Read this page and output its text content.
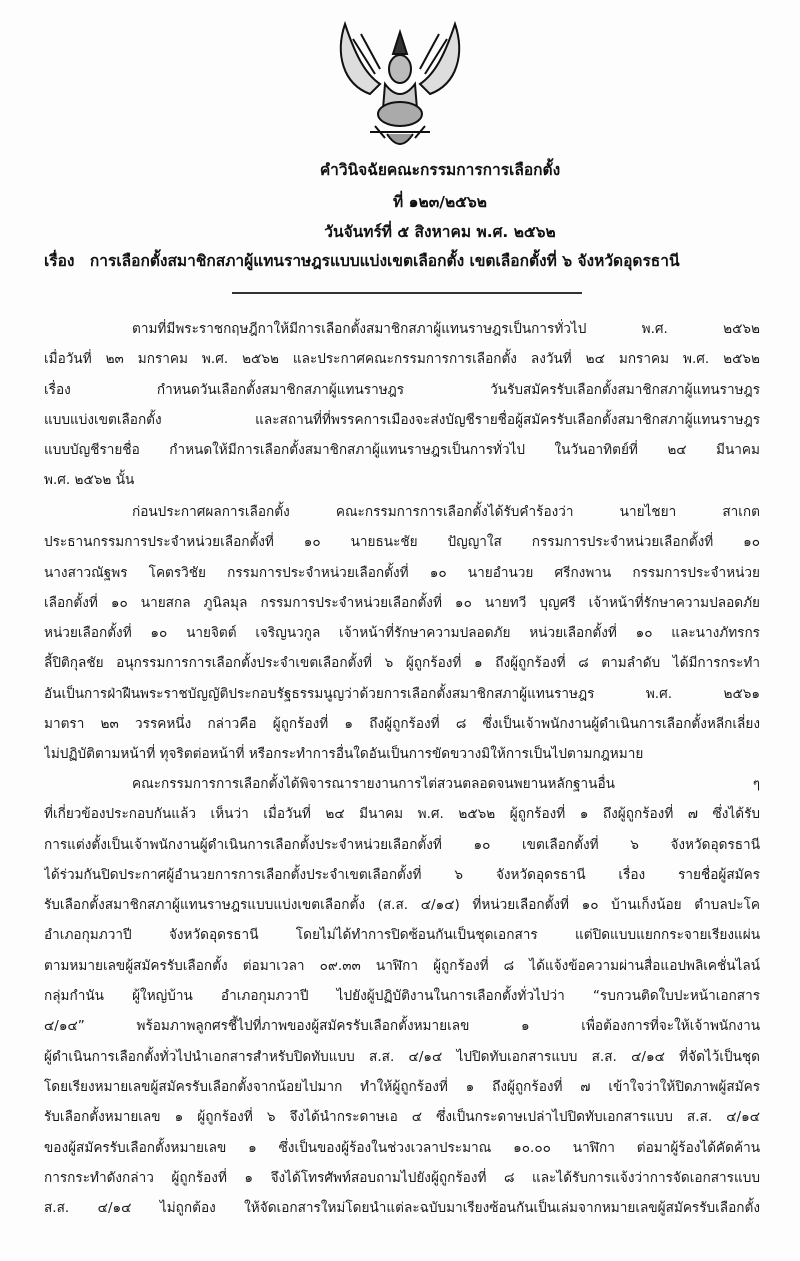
คำวินิจฉัยคณะกรรมการการเลือกตั้ง
ที่ ๑๒๓/๒๕๖๒
วันจันทร์ที่ ๕ สิงหาคม พ.ศ. ๒๕๖๒
เรื่อง การเลือกตั้งสมาชิกสภาผู้แทนราษฎรแบบแบ่งเขตเลือกตั้ง เขตเลือกตั้งที่ ๖ จังหวัดอุดรธานี
ตามที่มีพระราชกฤษฎีกาให้มีการเลือกตั้งสมาชิกสภาผู้แทนราษฎรเป็นการทั่วไป พ.ศ. ๒๕๖๒
เมื่อวันที่ ๒๓ มกราคม พ.ศ. ๒๕๖๒ และประกาศคณะกรรมการการเลือกตั้ง ลงวันที่ ๒๔ มกราคม พ.ศ. ๒๕๖๒
เรื่อง กำหนดวันเลือกตั้งสมาชิกสภาผู้แทนราษฎร วันรับสมัครรับเลือกตั้งสมาชิกสภาผู้แทนราษฎร
แบบแบ่งเขตเลือกตั้ง และสถานที่ที่พรรคการเมืองจะส่งบัญชีรายชื่อผู้สมัครรับเลือกตั้งสมาชิกสภาผู้แทนราษฎร
แบบบัญชีรายชื่อ กำหนดให้มีการเลือกตั้งสมาชิกสภาผู้แทนราษฎรเป็นการทั่วไป ในวันอาทิตย์ที่ ๒๔ มีนาคม
พ.ศ. ๒๕๖๒ นั้น
ก่อนประกาศผลการเลือกตั้ง คณะกรรมการการเลือกตั้งได้รับคำร้องว่า นายไชยา สาเกต
ประธานกรรมการประจำหน่วยเลือกตั้งที่ ๑๐ นายธนะชัย ปัญญาใส กรรมการประจำหน่วยเลือกตั้งที่ ๑๐
นางสาวณัฐพร โคตรวิชัย กรรมการประจำหน่วยเลือกตั้งที่ ๑๐ นายอำนวย ศรีกงพาน กรรมการประจำหน่วย
เลือกตั้งที่ ๑๐ นายสกล ภูนิลมุล กรรมการประจำหน่วยเลือกตั้งที่ ๑๐ นายทวี บุญศรี เจ้าหน้าที่รักษาความปลอดภัย
หน่วยเลือกตั้งที่ ๑๐ นายจิตต์ เจริญนวกูล เจ้าหน้าที่รักษาความปลอดภัย หน่วยเลือกตั้งที่ ๑๐ และนางภัทรกร
ลี้ปิติกุลชัย อนุกรรมการการเลือกตั้งประจำเขตเลือกตั้งที่ ๖ ผู้ถูกร้องที่ ๑ ถึงผู้ถูกร้องที่ ๘ ตามลำดับ ได้มีการกระทำ
อันเป็นการฝ่าฝืนพระราชบัญญัติประกอบรัฐธรรมนูญว่าด้วยการเลือกตั้งสมาชิกสภาผู้แทนราษฎร พ.ศ. ๒๕๖๑
มาตรา ๒๓ วรรคหนึ่ง กล่าวคือ ผู้ถูกร้องที่ ๑ ถึงผู้ถูกร้องที่ ๘ ซึ่งเป็นเจ้าพนักงานผู้ดำเนินการเลือกตั้งหลีกเลี่ยง
ไม่ปฏิบัติตามหน้าที่ ทุจริตต่อหน้าที่ หรือกระทำการอื่นใดอันเป็นการขัดขวางมิให้การเป็นไปตามกฎหมาย
คณะกรรมการการเลือกตั้งได้พิจารณารายงานการไต่สวนตลอดจนพยานหลักฐานอื่น ๆ
ที่เกี่ยวข้องประกอบกันแล้ว เห็นว่า เมื่อวันที่ ๒๔ มีนาคม พ.ศ. ๒๕๖๒ ผู้ถูกร้องที่ ๑ ถึงผู้ถูกร้องที่ ๗ ซึ่งได้รับ
การแต่งตั้งเป็นเจ้าพนักงานผู้ดำเนินการเลือกตั้งประจำหน่วยเลือกตั้งที่ ๑๐ เขตเลือกตั้งที่ ๖ จังหวัดอุดรธานี
ได้ร่วมกันปิดประกาศผู้อำนวยการการเลือกตั้งประจำเขตเลือกตั้งที่ ๖ จังหวัดอุดรธานี เรื่อง รายชื่อผู้สมัคร
รับเลือกตั้งสมาชิกสภาผู้แทนราษฎรแบบแบ่งเขตเลือกตั้ง (ส.ส. ๔/๑๔) ที่หน่วยเลือกตั้งที่ ๑๐ บ้านเก็งน้อย ตำบลปะโค
อำเภอกุมภวาปี จังหวัดอุดรธานี โดยไม่ได้ทำการปิดซ้อนกันเป็นชุดเอกสาร แต่ปิดแบบแยกกระจายเรียงแผ่น
ตามหมายเลขผู้สมัครรับเลือกตั้ง ต่อมาเวลา ๐๙.๓๓ นาฬิกา ผู้ถูกร้องที่ ๘ ได้แจ้งข้อความผ่านสื่อแอปพลิเคชั่นไลน์
กลุ่มกำนัน ผู้ใหญ่บ้าน อำเภอกุมภวาปี ไปยังผู้ปฏิบัติงานในการเลือกตั้งทั่วไปว่า “รบกวนติดใบปะหน้าเอกสาร
๔/๑๔” พร้อมภาพลูกศรชี้ไปที่ภาพของผู้สมัครรับเลือกตั้งหมายเลข ๑ เพื่อต้องการที่จะให้เจ้าพนักงาน
ผู้ดำเนินการเลือกตั้งทั่วไปนำเอกสารสำหรับปิดทับแบบ ส.ส. ๔/๑๔ ไปปิดทับเอกสารแบบ ส.ส. ๔/๑๔ ที่จัดไว้เป็นชุด
โดยเรียงหมายเลขผู้สมัครรับเลือกตั้งจากน้อยไปมาก ทำให้ผู้ถูกร้องที่ ๑ ถึงผู้ถูกร้องที่ ๗ เข้าใจว่าให้ปิดภาพผู้สมัคร
รับเลือกตั้งหมายเลข ๑ ผู้ถูกร้องที่ ๖ จึงได้นำกระดาษเอ ๔ ซึ่งเป็นกระดาษเปล่าไปปิดทับเอกสารแบบ ส.ส. ๔/๑๔
ของผู้สมัครรับเลือกตั้งหมายเลข ๑ ซึ่งเป็นของผู้ร้องในช่วงเวลาประมาณ ๑๐.๐๐ นาฬิกา ต่อมาผู้ร้องได้คัดค้าน
การกระทำดังกล่าว ผู้ถูกร้องที่ ๑ จึงได้โทรศัพท์สอบถามไปยังผู้ถูกร้องที่ ๘ และได้รับการแจ้งว่าการจัดเอกสารแบบ
ส.ส. ๔/๑๔ ไม่ถูกต้อง ให้จัดเอกสารใหม่โดยนำแต่ละฉบับมาเรียงซ้อนกันเป็นเล่มจากหมายเลขผู้สมัครรับเลือกตั้ง
